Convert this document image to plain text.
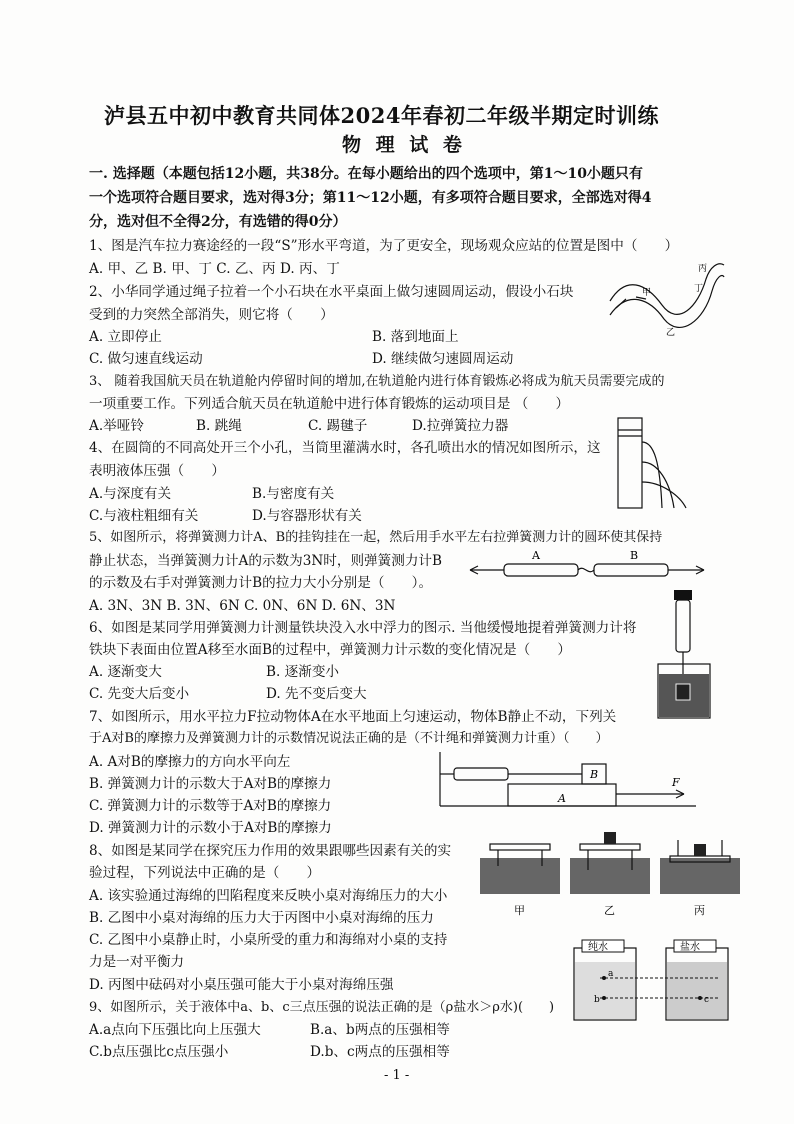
泸县五中初中教育共同体2024年春初二年级半期定时训练
物 理 试 卷
一. 选择题（本题包括12小题，共38分。在每小题给出的四个选项中，第1～10小题只有
一个选项符合题目要求，选对得3分；第11～12小题，有多项符合题目要求，全部选对得4
分，选对但不全得2分，有选错的得0分）
1、图是汽车拉力赛途经的一段“S”形水平弯道，为了更安全，现场观众应站的位置是图中（　　）
A. 甲、乙 B. 甲、丁 C. 乙、丙 D. 丙、丁	丙
丁
甲
乙
2、小华同学通过绳子拉着一个小石块在水平桌面上做匀速圆周运动，假设小石块
受到的力突然全部消失，则它将（　　）
A. 立即停止	B. 落到地面上
C. 做匀速直线运动	D. 继续做匀速圆周运动
3、 随着我国航天员在轨道舱内停留时间的增加,在轨道舱内进行体育锻炼必将成为航天员需要完成的
一项重要工作。下列适合航天员在轨道舱中进行体育锻炼的运动项目是 （　　）
A.举哑铃	B. 跳绳	C. 踢毽子	D.拉弹簧拉力器
4、在圆筒的不同高处开三个小孔，当筒里灌满水时，各孔喷出水的情况如图所示，这
表明液体压强（　　）
A.与深度有关	B.与密度有关
C.与液柱粗细有关	D.与容器形状有关
5、如图所示，将弹簧测力计A、B的挂钩挂在一起，然后用手水平左右拉弹簧测力计的圆环使其保持
静止状态，当弹簧测力计A的示数为3N时，则弹簧测力计B
的示数及右手对弹簧测力计B的拉力大小分别是（　　）。
A. 3N、3N B. 3N、6N C. 0N、6N D. 6N、3N
A	B
6、如图是某同学用弹簧测力计测量铁块没入水中浮力的图示. 当他缓慢地提着弹簧测力计将
铁块下表面由位置A移至水面B的过程中，弹簧测力计示数的变化情况是（　　）
A. 逐渐变大	B. 逐渐变小
C. 先变大后变小	D. 先不变后变大
7、如图所示，用水平拉力F拉动物体A在水平地面上匀速运动，物体B静止不动，下列关
于A对B的摩擦力及弹簧测力计的示数情况说法正确的是（不计绳和弹簧测力计重）（　　）
A. A对B的摩擦力的方向水平向左
B. 弹簧测力计的示数大于A对B的摩擦力
C. 弹簧测力计的示数等于A对B的摩擦力
D. 弹簧测力计的示数小于A对B的摩擦力
B
A
F
8、如图是某同学在探究压力作用的效果跟哪些因素有关的实
验过程，下列说法中正确的是（　　）
A. 该实验通过海绵的凹陷程度来反映小桌对海绵压力的大小
B. 乙图中小桌对海绵的压力大于丙图中小桌对海绵的压力
C. 乙图中小桌静止时，小桌所受的重力和海绵对小桌的支持
力是一对平衡力
D. 丙图中砝码对小桌压强可能大于小桌对海绵压强
甲	乙	丙
9、如图所示，关于液体中a、b、c三点压强的说法正确的是（ρ盐水＞ρ水)(　　)
A.a点向下压强比向上压强大	B.a、b两点的压强相等
C.b点压强比c点压强小	D.b、c两点的压强相等
纯水	盐水
a
b	c
- 1 -
